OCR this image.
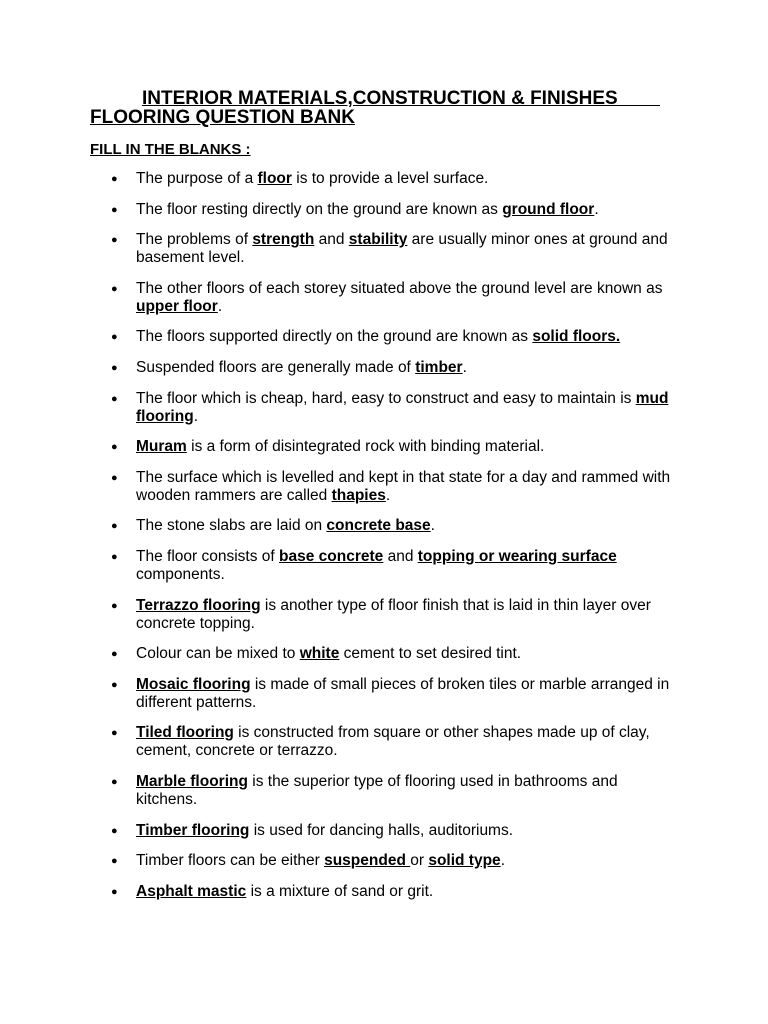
INTERIOR MATERIALS,CONSTRUCTION & FINISHES
FLOORING QUESTION BANK
FILL IN THE BLANKS :
● The purpose of a floor is to provide a level surface.
● The floor resting directly on the ground are known as ground floor.
● The problems of strength and stability are usually minor ones at ground and basement level.
● The other floors of each storey situated above the ground level are known as upper floor.
● The floors supported directly on the ground are known as solid floors.
● Suspended floors are generally made of timber.
● The floor which is cheap, hard, easy to construct and easy to maintain is mud flooring.
● Muram is a form of disintegrated rock with binding material.
● The surface which is levelled and kept in that state for a day and rammed with wooden rammers are called thapies.
● The stone slabs are laid on concrete base.
● The floor consists of base concrete and topping or wearing surface components.
● Terrazzo flooring is another type of floor finish that is laid in thin layer over concrete topping.
● Colour can be mixed to white cement to set desired tint.
● Mosaic flooring is made of small pieces of broken tiles or marble arranged in different patterns.
● Tiled flooring is constructed from square or other shapes made up of clay, cement, concrete or terrazzo.
● Marble flooring is the superior type of flooring used in bathrooms and kitchens.
● Timber flooring is used for dancing halls, auditoriums.
● Timber floors can be either suspended or solid type.
● Asphalt mastic is a mixture of sand or grit.
